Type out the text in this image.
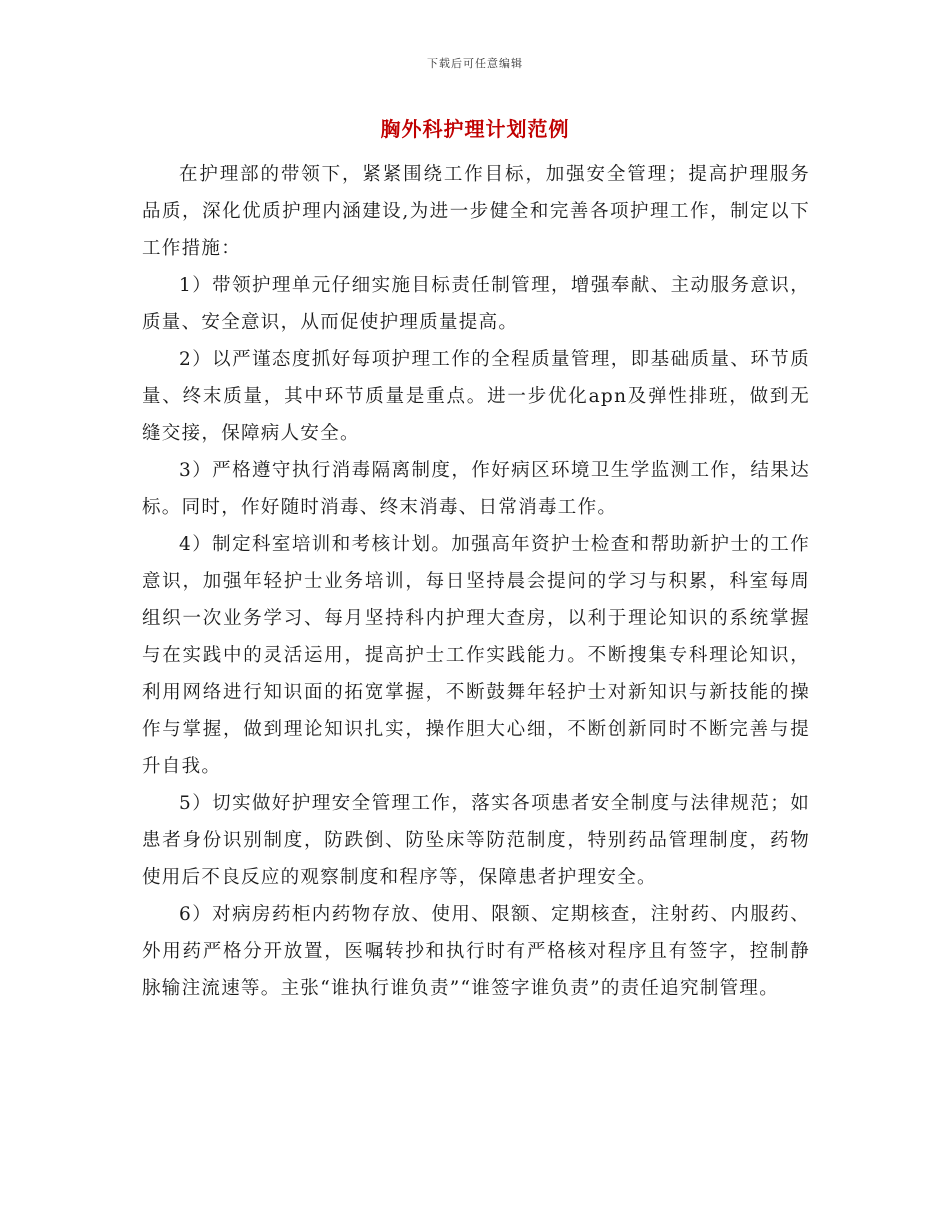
下载后可任意编辑
胸外科护理计划范例

在护理部的带领下，紧紧围绕工作目标，加强安全管理；提高护理服务品质，深化优质护理内涵建设,为进一步健全和完善各项护理工作，制定以下工作措施：

1）带领护理单元仔细实施目标责任制管理，增强奉献、主动服务意识，质量、安全意识，从而促使护理质量提高。

2）以严谨态度抓好每项护理工作的全程质量管理，即基础质量、环节质量、终末质量，其中环节质量是重点。进一步优化apn及弹性排班，做到无缝交接，保障病人安全。

3）严格遵守执行消毒隔离制度，作好病区环境卫生学监测工作，结果达标。同时，作好随时消毒、终末消毒、日常消毒工作。

4）制定科室培训和考核计划。加强高年资护士检查和帮助新护士的工作意识，加强年轻护士业务培训，每日坚持晨会提问的学习与积累，科室每周组织一次业务学习、每月坚持科内护理大查房，以利于理论知识的系统掌握与在实践中的灵活运用，提高护士工作实践能力。不断搜集专科理论知识，利用网络进行知识面的拓宽掌握，不断鼓舞年轻护士对新知识与新技能的操作与掌握，做到理论知识扎实，操作胆大心细，不断创新同时不断完善与提升自我。

5）切实做好护理安全管理工作，落实各项患者安全制度与法律规范；如患者身份识别制度，防跌倒、防坠床等防范制度，特别药品管理制度，药物使用后不良反应的观察制度和程序等，保障患者护理安全。

6）对病房药柜内药物存放、使用、限额、定期核查，注射药、内服药、外用药严格分开放置，医嘱转抄和执行时有严格核对程序且有签字，控制静脉输注流速等。主张“谁执行谁负责”“谁签字谁负责”的责任追究制管理。
